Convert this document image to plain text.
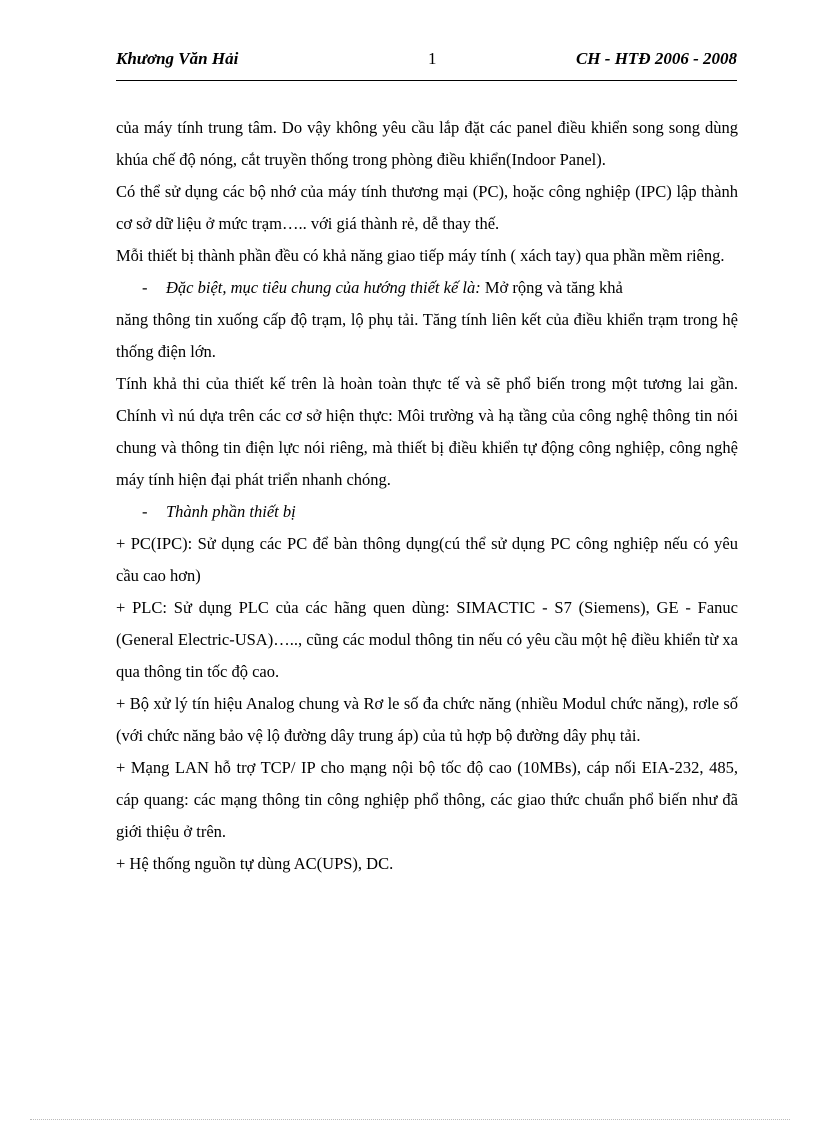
Khương Văn Hải	1	CH - HTĐ 2006 - 2008

của máy tính trung tâm. Do vậy không yêu cầu lắp đặt các panel điều khiển song song dùng khúa chế độ nóng, cắt truyền thống trong phòng điều khiển(Indoor Panel).

Có thể sử dụng các bộ nhớ của máy tính thương mại (PC), hoặc công nghiệp (IPC) lập thành cơ sở dữ liệu ở mức trạm….. với giá thành rẻ, dễ thay thế.

Mỗi thiết bị thành phần đều có khả năng giao tiếp máy tính ( xách tay) qua phần mềm riêng.

- Đặc biệt, mục tiêu chung của hướng thiết kế là: Mở rộng và tăng khả

năng thông tin xuống cấp độ trạm, lộ phụ tải. Tăng tính liên kết của điều khiển trạm trong hệ thống điện lớn.

Tính khả thi của thiết kế trên là hoàn toàn thực tế và sẽ phổ biến trong một tương lai gần. Chính vì nú dựa trên các cơ sở hiện thực: Môi trường và hạ tầng của công nghệ thông tin nói chung và thông tin điện lực nói riêng, mà thiết bị điều khiển tự động công nghiệp, công nghệ máy tính hiện đại phát triển nhanh chóng.

- Thành phần thiết bị

+ PC(IPC): Sử dụng các PC để bàn thông dụng(cú thể sử dụng PC công nghiệp nếu có yêu cầu cao hơn)

+ PLC: Sử dụng PLC của các hãng quen dùng: SIMACTIC - S7 (Siemens), GE - Fanuc (General Electric-USA)….., cũng các modul thông tin nếu có yêu cầu một hệ điều khiển từ xa qua thông tin tốc độ cao.

+ Bộ xử lý tín hiệu Analog chung và Rơ le số đa chức năng (nhiều Modul chức năng), rơle số (với chức năng bảo vệ lộ đường dây trung áp) của tủ hợp bộ đường dây phụ tải.

+ Mạng LAN hỗ trợ TCP/ IP cho mạng nội bộ tốc độ cao (10MBs), cáp nối EIA-232, 485, cáp quang: các mạng thông tin công nghiệp phổ thông, các giao thức chuẩn phổ biến như đã giới thiệu ở trên.

+ Hệ thống nguồn tự dùng AC(UPS), DC.
